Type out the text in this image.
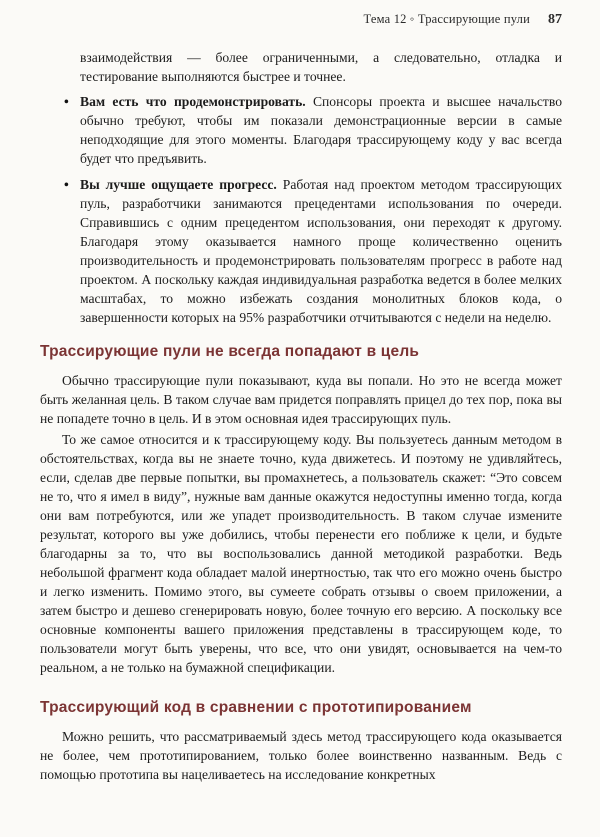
Тема 12 ◦ Трассирующие пули 87

взаимодействия — более ограниченными, а следовательно, отладка и тестирование выполняются быстрее и точнее.

• Вам есть что продемонстрировать. Спонсоры проекта и высшее начальство обычно требуют, чтобы им показали демонстрационные версии в самые неподходящие для этого моменты. Благодаря трассирующему коду у вас всегда будет что предъявить.
• Вы лучше ощущаете прогресс. Работая над проектом методом трассирующих пуль, разработчики занимаются прецедентами использования по очереди. Справившись с одним прецедентом использования, они переходят к другому. Благодаря этому оказывается намного проще количественно оценить производительность и продемонстрировать пользователям прогресс в работе над проектом. А поскольку каждая индивидуальная разработка ведется в более мелких масштабах, то можно избежать создания монолитных блоков кода, о завершенности которых на 95% разработчики отчитываются с недели на неделю.
Трассирующие пули не всегда попадают в цель

Обычно трассирующие пули показывают, куда вы попали. Но это не всегда может быть желанная цель. В таком случае вам придется поправлять прицел до тех пор, пока вы не попадете точно в цель. И в этом основная идея трассирующих пуль.

То же самое относится и к трассирующему коду. Вы пользуетесь данным методом в обстоятельствах, когда вы не знаете точно, куда движетесь. И поэтому не удивляйтесь, если, сделав две первые попытки, вы промахнетесь, а пользователь скажет: “Это совсем не то, что я имел в виду”, нужные вам данные окажутся недоступны именно тогда, когда они вам потребуются, или же упадет производительность. В таком случае измените результат, которого вы уже добились, чтобы перенести его поближе к цели, и будьте благодарны за то, что вы воспользовались данной методикой разработки. Ведь небольшой фрагмент кода обладает малой инертностью, так что его можно очень быстро и легко изменить. Помимо этого, вы сумеете собрать отзывы о своем приложении, а затем быстро и дешево сгенерировать новую, более точную его версию. А поскольку все основные компоненты вашего приложения представлены в трассирующем коде, то пользователи могут быть уверены, что все, что они увидят, основывается на чем-то реальном, а не только на бумажной спецификации.

Трассирующий код в сравнении с прототипированием

Можно решить, что рассматриваемый здесь метод трассирующего кода оказывается не более, чем прототипированием, только более воинственно названным. Ведь с помощью прототипа вы нацеливаетесь на исследование конкретных
